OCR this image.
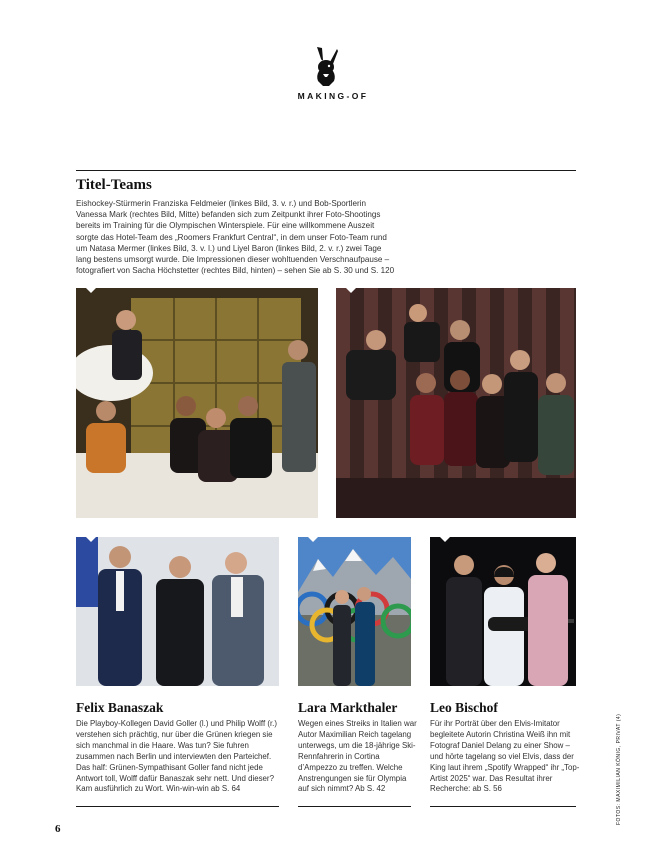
MAKING-OF
Titel-Teams
Eishockey-Stürmerin Franziska Feldmeier (linkes Bild, 3. v. r.) und Bob-Sportlerin Vanessa Mark (rechtes Bild, Mitte) befanden sich zum Zeitpunkt ihrer Foto-Shootings bereits im Training für die Olympischen Winterspiele. Für eine willkommene Auszeit sorgte das Hotel-Team des „Roomers Frankfurt Central“, in dem unser Foto-Team rund um Natasa Mermer (linkes Bild, 3. v. l.) und Liyel Baron (linkes Bild, 2. v. r.) zwei Tage lang bestens umsorgt wurde. Die Impressionen dieser wohltuenden Verschnaufpause – fotografiert von Sacha Höchstetter (rechtes Bild, hinten) – sehen Sie ab S. 30 und S. 120
Felix Banaszak
Die Playboy-Kollegen David Goller (l.) und Philip Wolff (r.) verstehen sich prächtig, nur über die Grünen kriegen sie sich manchmal in die Haare. Was tun? Sie fuhren zusammen nach Berlin und interviewten den Parteichef. Das half: Grünen-Sympathisant Goller fand nicht jede Antwort toll, Wolff dafür Banaszak sehr nett. Und dieser? Kam ausführlich zu Wort. Win-win-win ab S. 64
Lara Markthaler
Wegen eines Streiks in Italien war Autor Maximilian Reich tagelang unterwegs, um die 18-jährige Ski-Rennfahrerin in Cortina d’Ampezzo zu treffen. Welche Anstrengungen sie für Olympia auf sich nimmt? Ab S. 42
Leo Bischof
Für ihr Porträt über den Elvis-Imitator begleitete Autorin Christina Weiß ihn mit Fotograf Daniel Delang zu einer Show – und hörte tagelang so viel Elvis, dass der King laut ihrem „Spotify Wrapped“ ihr „Top-Artist 2025“ war. Das Resultat ihrer Recherche: ab S. 56
6
FOTOS: MAXIMILIAN KÖNIG, PRIVAT (4)
